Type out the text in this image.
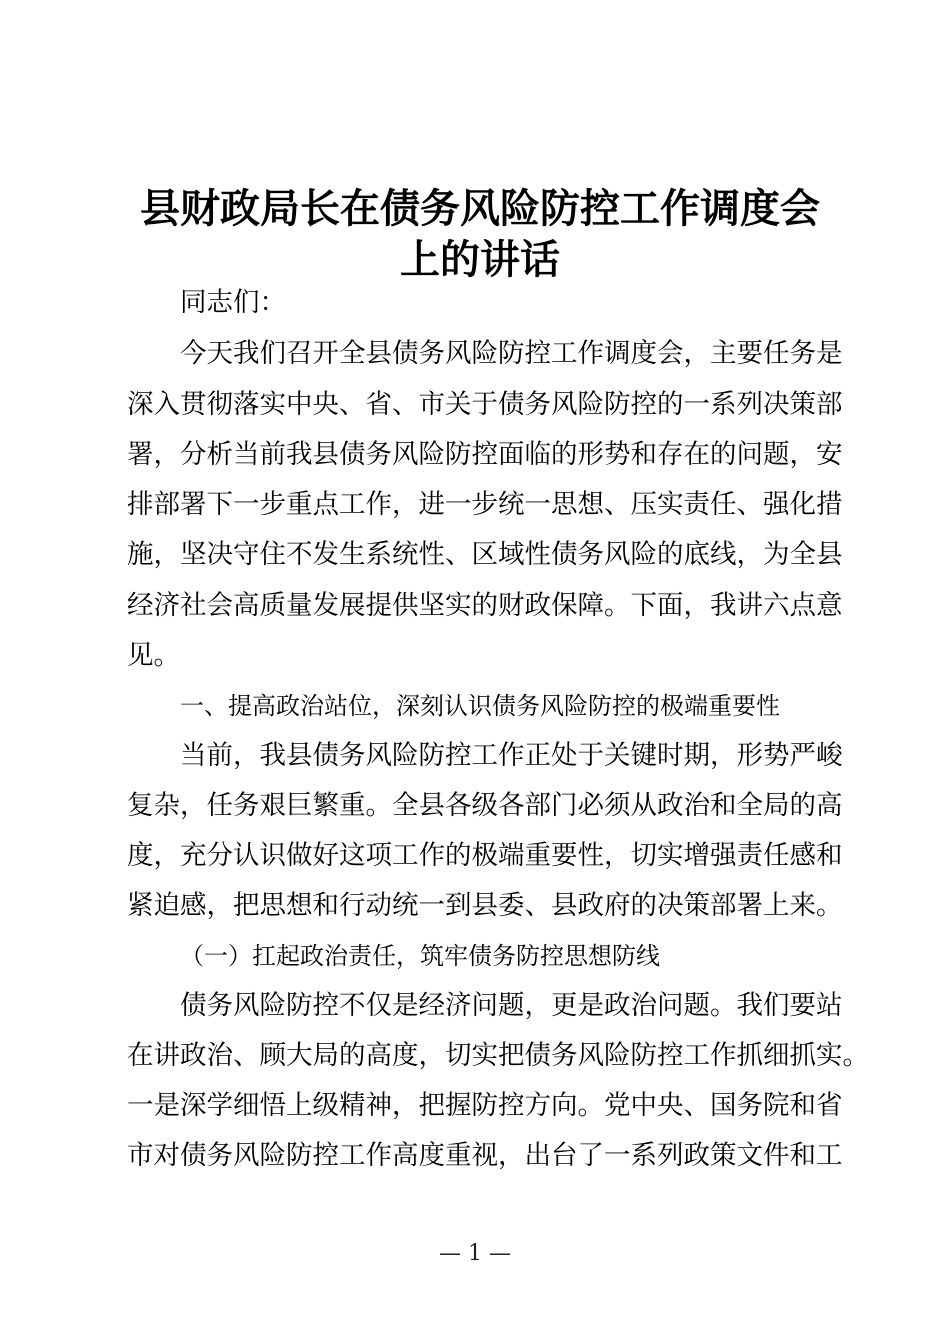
县财政局长在债务风险防控工作调度会
上的讲话

同志们：

今天我们召开全县债务风险防控工作调度会，主要任务是

深入贯彻落实中央、省、市关于债务风险防控的一系列决策部

署，分析当前我县债务风险防控面临的形势和存在的问题，安

排部署下一步重点工作，进一步统一思想、压实责任、强化措

施，坚决守住不发生系统性、区域性债务风险的底线，为全县

经济社会高质量发展提供坚实的财政保障。下面，我讲六点意

见。

一、提高政治站位，深刻认识债务风险防控的极端重要性

当前，我县债务风险防控工作正处于关键时期，形势严峻

复杂，任务艰巨繁重。全县各级各部门必须从政治和全局的高

度，充分认识做好这项工作的极端重要性，切实增强责任感和

紧迫感，把思想和行动统一到县委、县政府的决策部署上来。

（一）扛起政治责任，筑牢债务防控思想防线

债务风险防控不仅是经济问题，更是政治问题。我们要站

在讲政治、顾大局的高度，切实把债务风险防控工作抓细抓实。

一是深学细悟上级精神，把握防控方向。党中央、国务院和省

市对债务风险防控工作高度重视，出台了一系列政策文件和工

— 1 —
